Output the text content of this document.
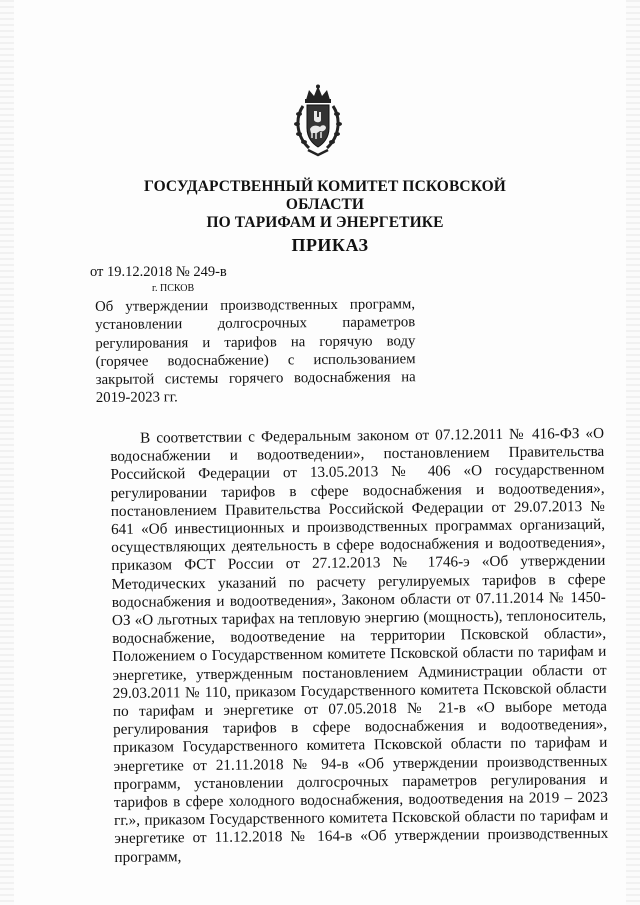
ГОСУДАРСТВЕННЫЙ КОМИТЕТ ПСКОВСКОЙ ОБЛАСТИ
ПО ТАРИФАМ И ЭНЕРГЕТИКЕ
ПРИКАЗ
от 19.12.2018 № 249-в
г. ПСКОВ
Об утверждении производственных программ, установлении долгосрочных параметров регулирования и тарифов на горячую воду (горячее водоснабжение) с использованием закрытой системы горячего водоснабжения на 2019-2023 гг.

В соответствии с Федеральным законом от 07.12.2011 № 416-ФЗ «О водоснабжении и водоотведении», постановлением Правительства Российской Федерации от 13.05.2013 № 406 «О государственном регулировании тарифов в сфере водоснабжения и водоотведения», постановлением Правительства Российской Федерации от 29.07.2013 № 641 «Об инвестиционных и производственных программах организаций, осуществляющих деятельность в сфере водоснабжения и водоотведения», приказом ФСТ России от 27.12.2013 № 1746-э «Об утверждении Методических указаний по расчету регулируемых тарифов в сфере водоснабжения и водоотведения», Законом области от 07.11.2014 № 1450-ОЗ «О льготных тарифах на тепловую энергию (мощность), теплоноситель, водоснабжение, водоотведение на территории Псковской области», Положением о Государственном комитете Псковской области по тарифам и энергетике, утвержденным постановлением Администрации области от 29.03.2011 № 110, приказом Государственного комитета Псковской области по тарифам и энергетике от 07.05.2018 № 21-в «О выборе метода регулирования тарифов в сфере водоснабжения и водоотведения», приказом Государственного комитета Псковской области по тарифам и энергетике от 21.11.2018 № 94-в «Об утверждении производственных программ, установлении долгосрочных параметров регулирования и тарифов в сфере холодного водоснабжения, водоотведения на 2019 – 2023 гг.», приказом Государственного комитета Псковской области по тарифам и энергетике от 11.12.2018 № 164-в «Об утверждении производственных программ,
